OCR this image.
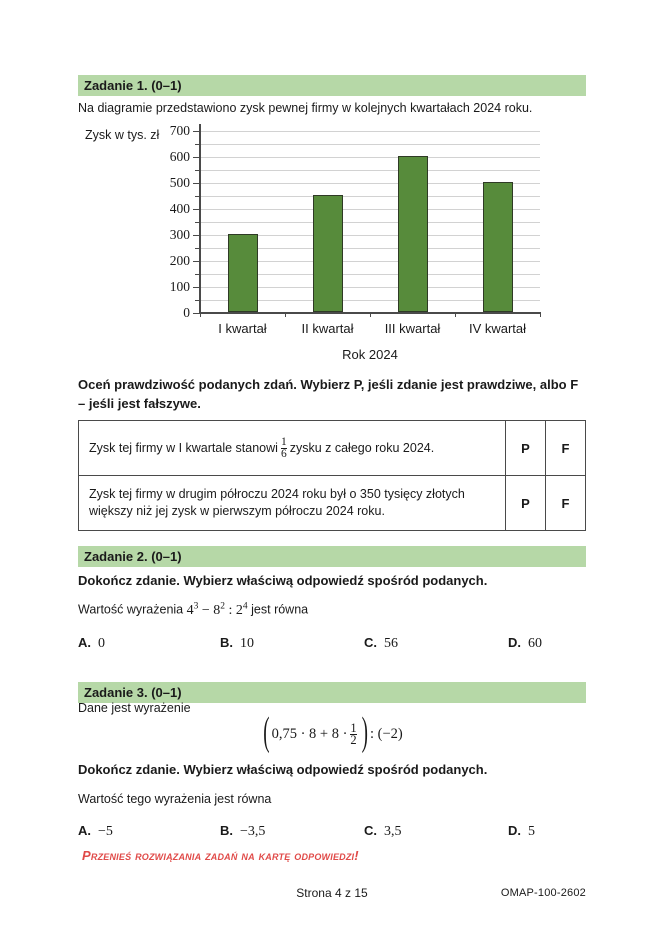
Zadanie 1. (0–1)
Na diagramie przedstawiono zysk pewnej firmy w kolejnych kwartałach 2024 roku.
Zysk w tys. zł
0
100
200
300
400
500
600
700
I kwartał	II kwartał	III kwartał	IV kwartał
Rok 2024
Oceń prawdziwość podanych zdań. Wybierz P, jeśli zdanie jest prawdziwe, albo F – jeśli jest fałszywe.
Zysk tej firmy w I kwartale stanowi $\frac{1}{6}$ zysku z całego roku 2024.	P	F
Zysk tej firmy w drugim półroczu 2024 roku był o 350 tysięcy złotych większy niż jej zysk w pierwszym półroczu 2024 roku.	P	F
Zadanie 2. (0–1)
Dokończ zdanie. Wybierz właściwą odpowiedź spośród podanych.
Wartość wyrażenia $4^3 - 8^2$ : $2^4$ jest równa
A. 0	B. 10	C. 56	D. 60
Zadanie 3. (0–1)
Dane jest wyrażenie
( $0,75 \cdot 8 + 8 \cdot \frac{1}{2}$ ) : (−2)
Dokończ zdanie. Wybierz właściwą odpowiedź spośród podanych.
Wartość tego wyrażenia jest równa
A. −5	B. −3,5	C. 3,5	D. 5
Przenieś rozwiązania zadań na kartę odpowiedzi!
Strona 4 z 15	OMAP-100-2602
